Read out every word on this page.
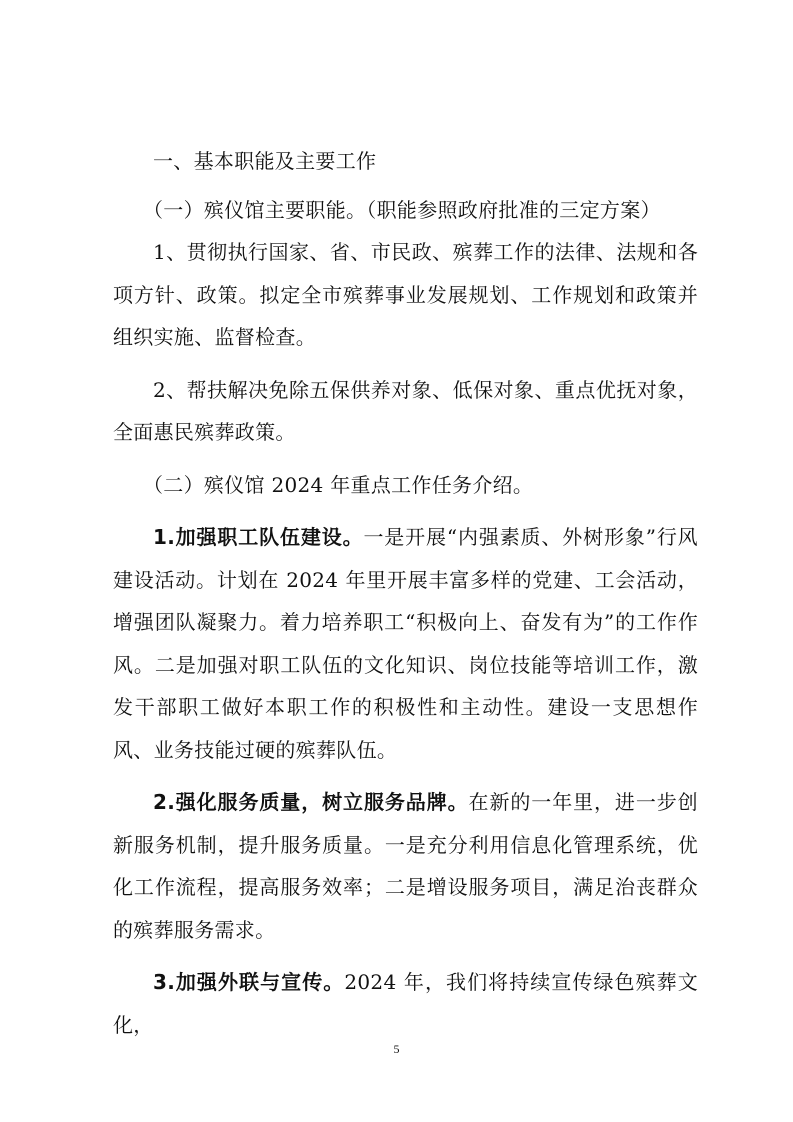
一、基本职能及主要工作

（一）殡仪馆主要职能。（职能参照政府批准的三定方案）

1、贯彻执行国家、省、市民政、殡葬工作的法律、法规和各项方针、政策。拟定全市殡葬事业发展规划、工作规划和政策并组织实施、监督检查。

2、帮扶解决免除五保供养对象、低保对象、重点优抚对象，全面惠民殡葬政策。

（二）殡仪馆 2024 年重点工作任务介绍。

1.加强职工队伍建设。一是开展“内强素质、外树形象”行风建设活动。计划在 2024 年里开展丰富多样的党建、工会活动，增强团队凝聚力。着力培养职工“积极向上、奋发有为”的工作作风。二是加强对职工队伍的文化知识、岗位技能等培训工作，激发干部职工做好本职工作的积极性和主动性。建设一支思想作风、业务技能过硬的殡葬队伍。

2.强化服务质量，树立服务品牌。在新的一年里，进一步创新服务机制，提升服务质量。一是充分利用信息化管理系统，优化工作流程，提高服务效率；二是增设服务项目，满足治丧群众的殡葬服务需求。

3.加强外联与宣传。2024 年，我们将持续宣传绿色殡葬文化，

5
